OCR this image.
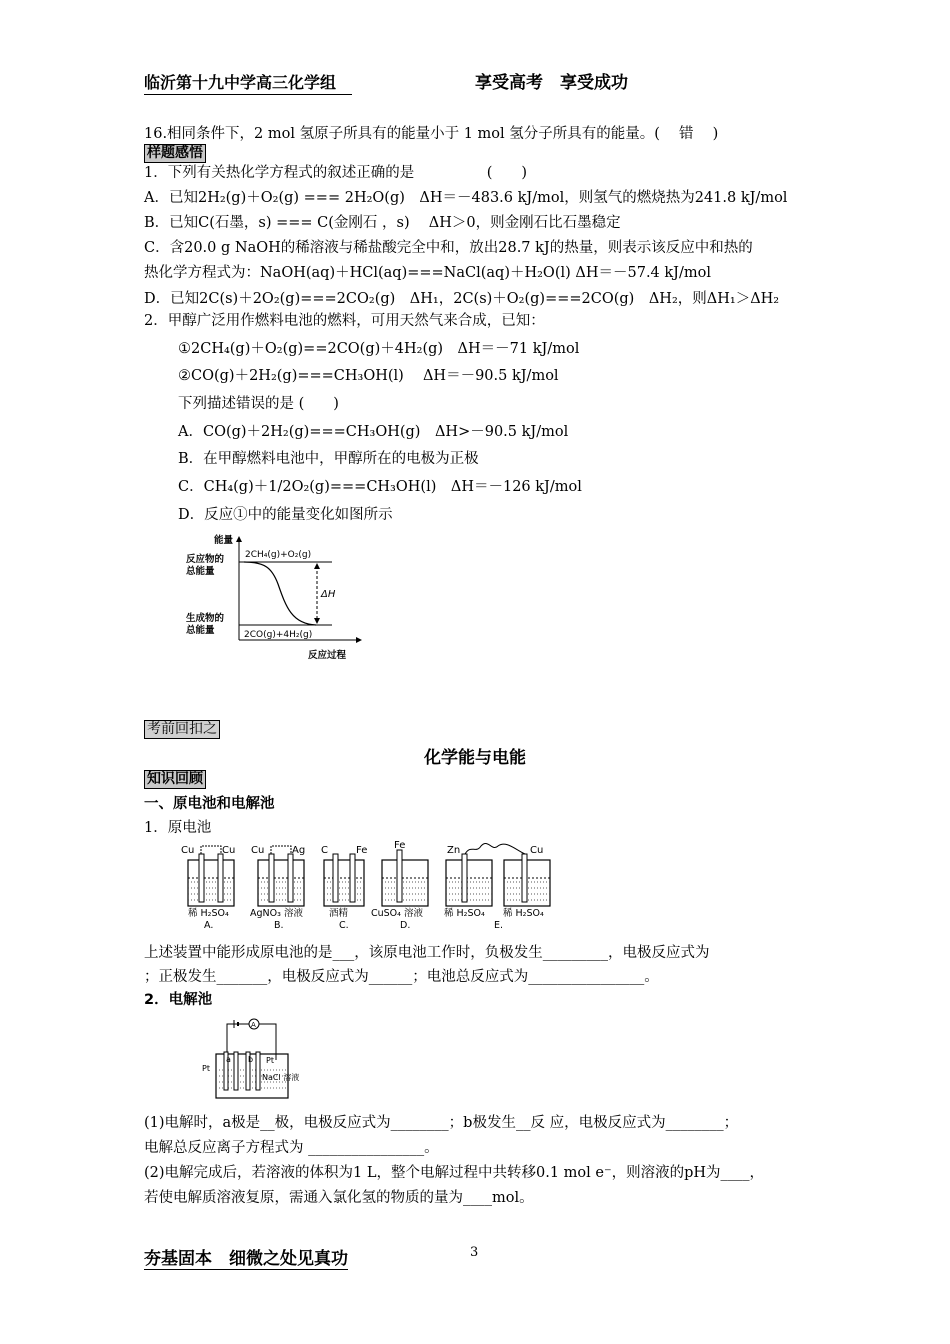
临沂第十九中学高三化学组	享受高考　享受成功
16.相同条件下，2 mol 氢原子所具有的能量小于 1 mol 氢分子所具有的能量。(　 错　 )
样题感悟
1．下列有关热化学方程式的叙述正确的是　　　　　(　　)
A．已知2H₂(g)＋O₂(g) === 2H₂O(g)　ΔH＝－483.6 kJ/mol，则氢气的燃烧热为241.8 kJ/mol
B．已知C(石墨，s) === C(金刚石 ，s)　 ΔH＞0，则金刚石比石墨稳定
C．含20.0 g NaOH的稀溶液与稀盐酸完全中和，放出28.7 kJ的热量，则表示该反应中和热的
热化学方程式为：NaOH(aq)＋HCl(aq)===NaCl(aq)＋H₂O(l) ΔH＝－57.4 kJ/mol
D．已知2C(s)＋2O₂(g)===2CO₂(g)　ΔH₁，2C(s)＋O₂(g)===2CO(g)　ΔH₂，则ΔH₁＞ΔH₂
2．甲醇广泛用作燃料电池的燃料，可用天然气来合成，已知：
①2CH₄(g)＋O₂(g)==2CO(g)＋4H₂(g)　ΔH＝－71 kJ/mol
②CO(g)＋2H₂(g)===CH₃OH(l)　 ΔH＝－90.5 kJ/mol
下列描述错误的是 (　　)
A．CO(g)＋2H₂(g)===CH₃OH(g)　ΔH>－90.5 kJ/mol
B．在甲醇燃料电池中，甲醇所在的电极为正极
C．CH₄(g)＋1/2O₂(g)===CH₃OH(l)　ΔH＝－126 kJ/mol
D．反应①中的能量变化如图所示
能量
反应物的
总能量
生成物的
总能量
2CH₄(g)+O₂(g)
2CO(g)+4H₂(g)
ΔH
反应过程
考前回扣之
化学能与电能
知识回顾
一、原电池和电解池
1．原电池
Cu	Cu
稀 H₂SO₄
A.
Cu	Ag
AgNO₃ 溶液
B.
C	Fe
酒精
C.
Fe
CuSO₄ 溶液
D.
Zn	Cu
稀 H₂SO₄ 稀 H₂SO₄
E.
上述装置中能形成原电池的是___，该原电池工作时，负极发生_________，电极反应式为
；正极发生_______，电极反应式为______；电池总反应式为________________。
2．电解池
A
a b
Pt
Pt
NaCl 溶液
(1)电解时，a极是__极，电极反应式为________；b极发生__反 应，电极反应式为________；
电解总反应离子方程式为 ________________。
(2)电解完成后，若溶液的体积为1 L，整个电解过程中共转移0.1 mol e⁻，则溶液的pH为____，
若使电解质溶液复原，需通入氯化氢的物质的量为____mol。
夯基固本　细微之处见真功	3
